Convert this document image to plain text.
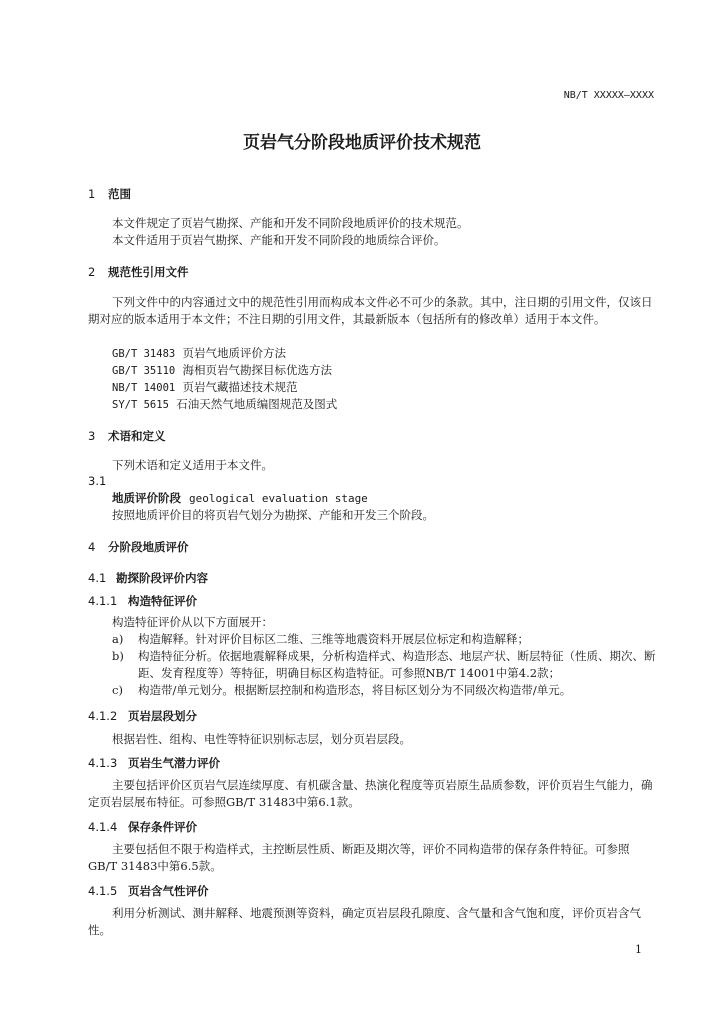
NB/T XXXXX—XXXX
页岩气分阶段地质评价技术规范
1 范围
本文件规定了页岩气勘探、产能和开发不同阶段地质评价的技术规范。
本文件适用于页岩气勘探、产能和开发不同阶段的地质综合评价。
2 规范性引用文件
下列文件中的内容通过文中的规范性引用而构成本文件必不可少的条款。其中，注日期的引用文件，仅该日期对应的版本适用于本文件；不注日期的引用文件，其最新版本（包括所有的修改单）适用于本文件。
GB/T 31483 页岩气地质评价方法
GB/T 35110 海相页岩气勘探目标优选方法
NB/T 14001 页岩气藏描述技术规范
SY/T 5615 石油天然气地质编图规范及图式
3 术语和定义
下列术语和定义适用于本文件。
3.1
地质评价阶段 geological evaluation stage
按照地质评价目的将页岩气划分为勘探、产能和开发三个阶段。
4 分阶段地质评价
4.1 勘探阶段评价内容
4.1.1 构造特征评价
构造特征评价从以下方面展开：
a) 构造解释。针对评价目标区二维、三维等地震资料开展层位标定和构造解释；
b) 构造特征分析。依据地震解释成果，分析构造样式、构造形态、地层产状、断层特征（性质、期次、断距、发育程度等）等特征，明确目标区构造特征。可参照NB/T 14001中第4.2款；
c) 构造带/单元划分。根据断层控制和构造形态，将目标区划分为不同级次构造带/单元。
4.1.2 页岩层段划分
根据岩性、组构、电性等特征识别标志层，划分页岩层段。
4.1.3 页岩生气潜力评价
主要包括评价区页岩气层连续厚度、有机碳含量、热演化程度等页岩原生品质参数，评价页岩生气能力，确定页岩层展布特征。可参照GB/T 31483中第6.1款。
4.1.4 保存条件评价
主要包括但不限于构造样式，主控断层性质、断距及期次等，评价不同构造带的保存条件特征。可参照GB/T 31483中第6.5款。
4.1.5 页岩含气性评价
利用分析测试、测井解释、地震预测等资料，确定页岩层段孔隙度、含气量和含气饱和度，评价页岩含气性。
1
